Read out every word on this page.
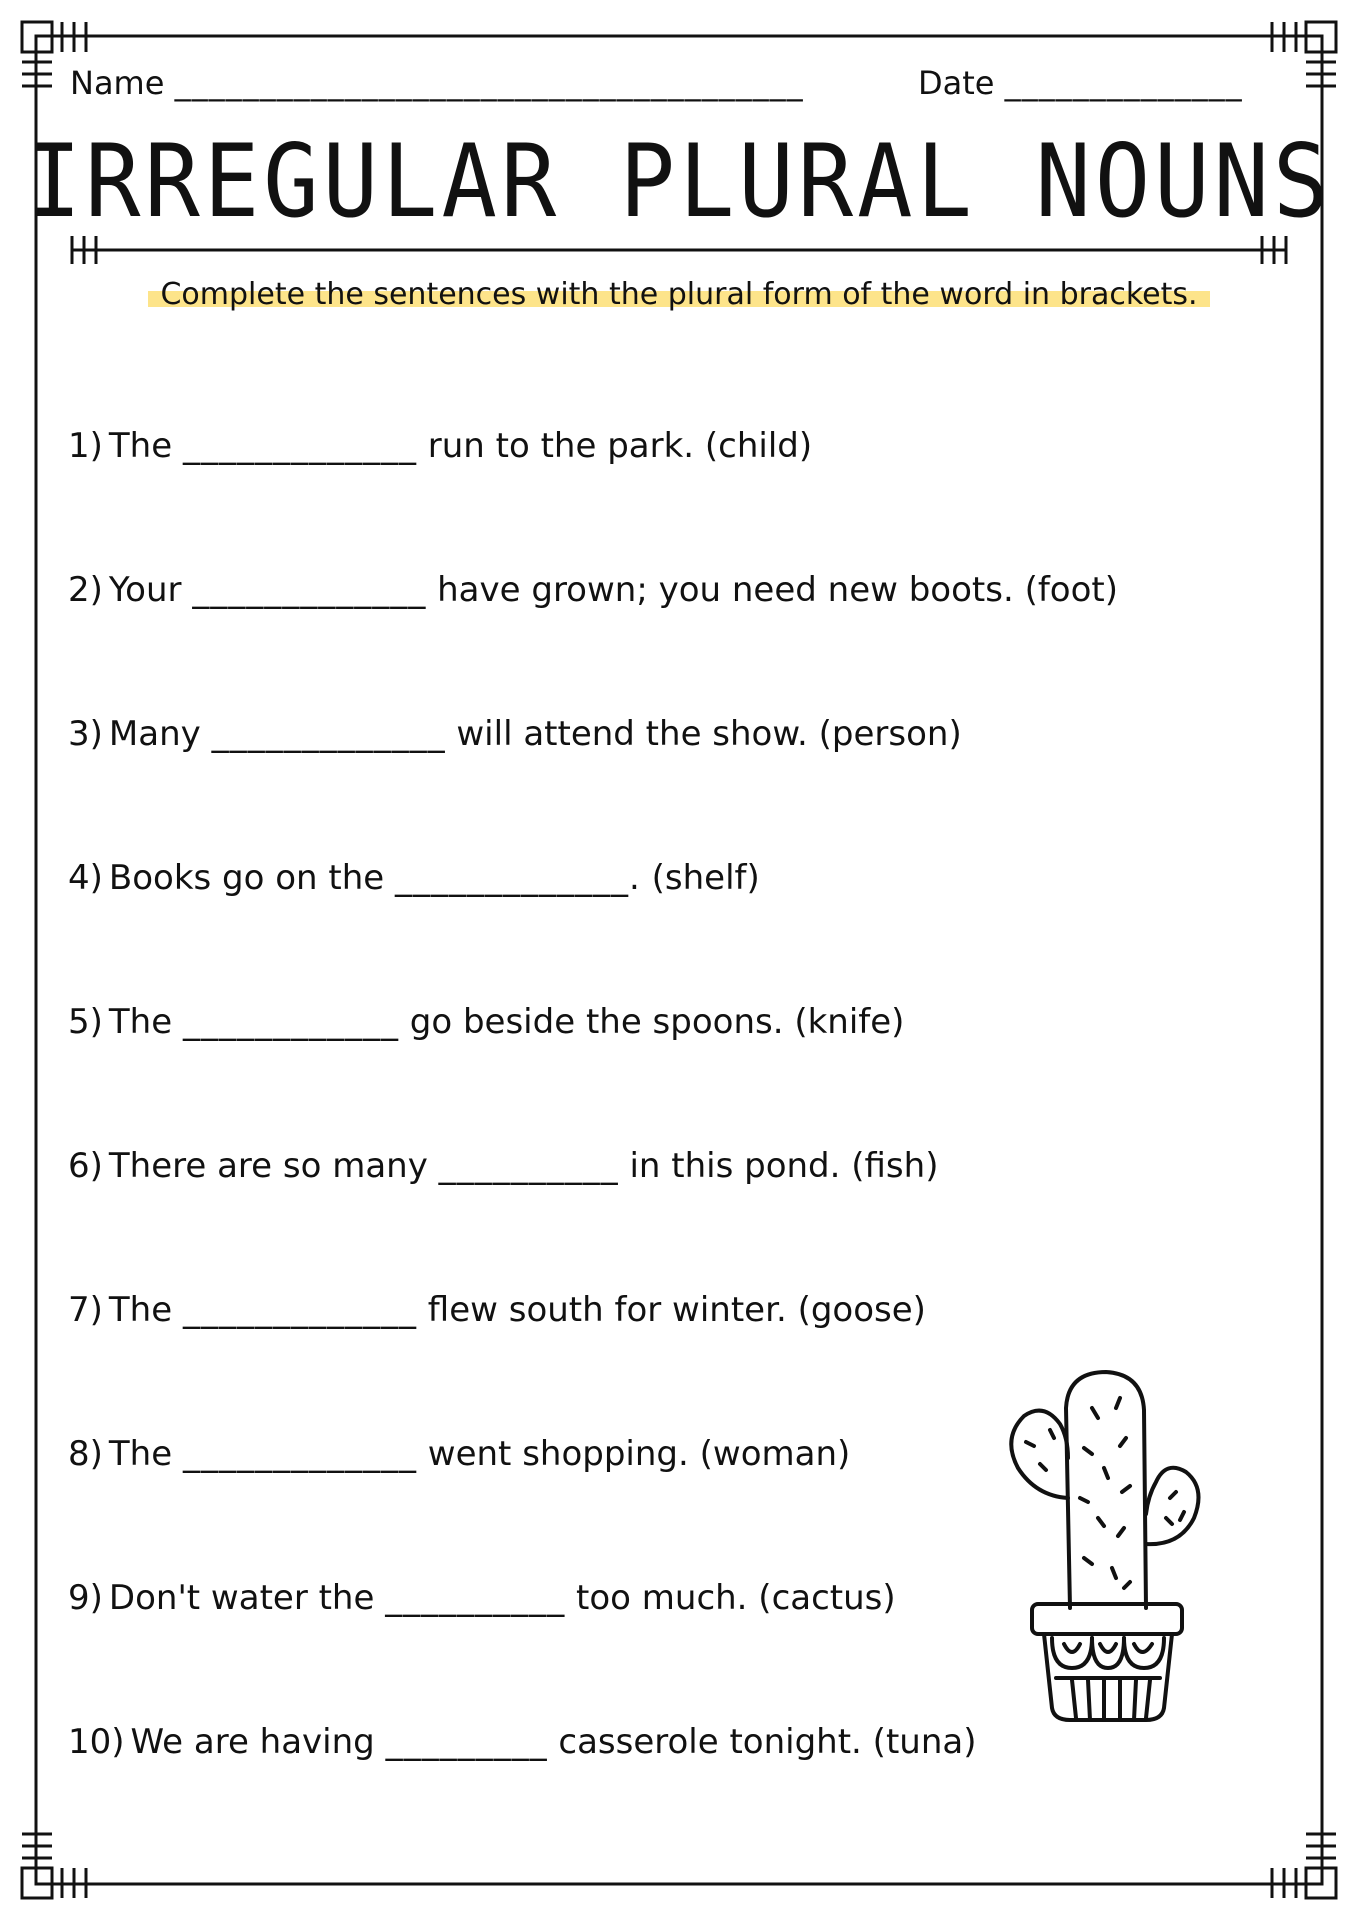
Name _____________________________________	Date ______________
IRREGULAR PLURAL NOUNS
Complete the sentences with the plural form of the word in brackets.
1) The _____________ run to the park. (child)
2) Your _____________ have grown; you need new boots. (foot)
3) Many _____________ will attend the show. (person)
4) Books go on the _____________. (shelf)
5) The ____________ go beside the spoons. (knife)
6) There are so many __________ in this pond. (fish)
7) The _____________ flew south for winter. (goose)
8) The _____________ went shopping. (woman)
9) Don't water the __________ too much. (cactus)
10) We are having _________ casserole tonight. (tuna)
